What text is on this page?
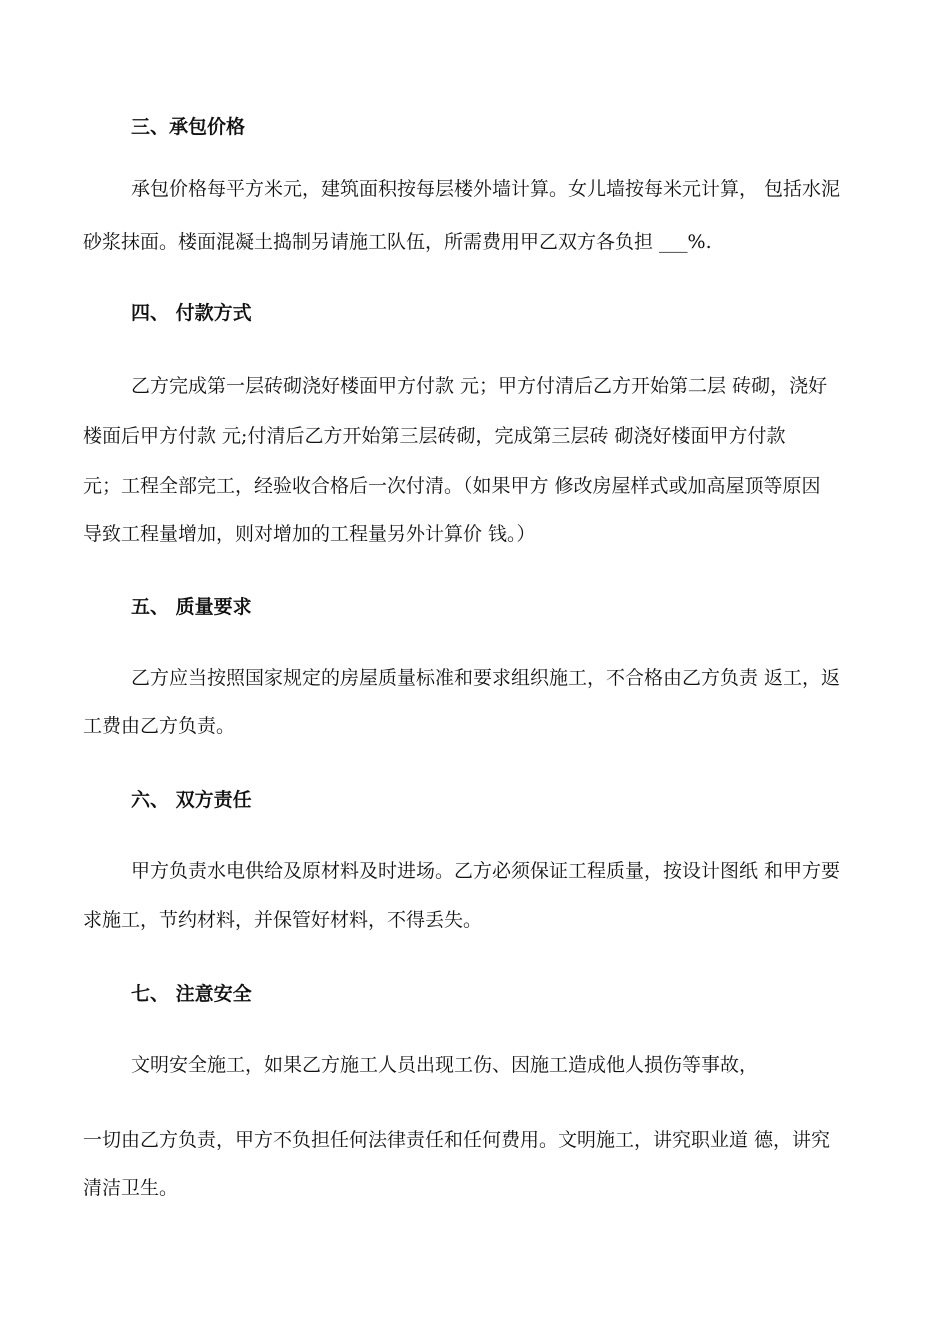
三、承包价格
承包价格每平方米元，建筑面积按每层楼外墙计算。女儿墙按每米元计算， 包括水泥
砂浆抹面。楼面混凝土捣制另请施工队伍，所需费用甲乙双方各负担 ___%.
四、 付款方式
乙方完成第一层砖砌浇好楼面甲方付款 元；甲方付清后乙方开始第二层 砖砌，浇好
楼面后甲方付款 元;付清后乙方开始第三层砖砌，完成第三层砖 砌浇好楼面甲方付款
元；工程全部完工，经验收合格后一次付清。（如果甲方 修改房屋样式或加高屋顶等原因
导致工程量增加，则对增加的工程量另外计算价 钱。）
五、 质量要求
乙方应当按照国家规定的房屋质量标准和要求组织施工，不合格由乙方负责 返工，返
工费由乙方负责。
六、 双方责任
甲方负责水电供给及原材料及时进场。乙方必须保证工程质量，按设计图纸 和甲方要
求施工，节约材料，并保管好材料，不得丢失。
七、 注意安全
文明安全施工，如果乙方施工人员出现工伤、因施工造成他人损伤等事故，
一切由乙方负责，甲方不负担任何法律责任和任何费用。文明施工，讲究职业道 德，讲究
清洁卫生。
